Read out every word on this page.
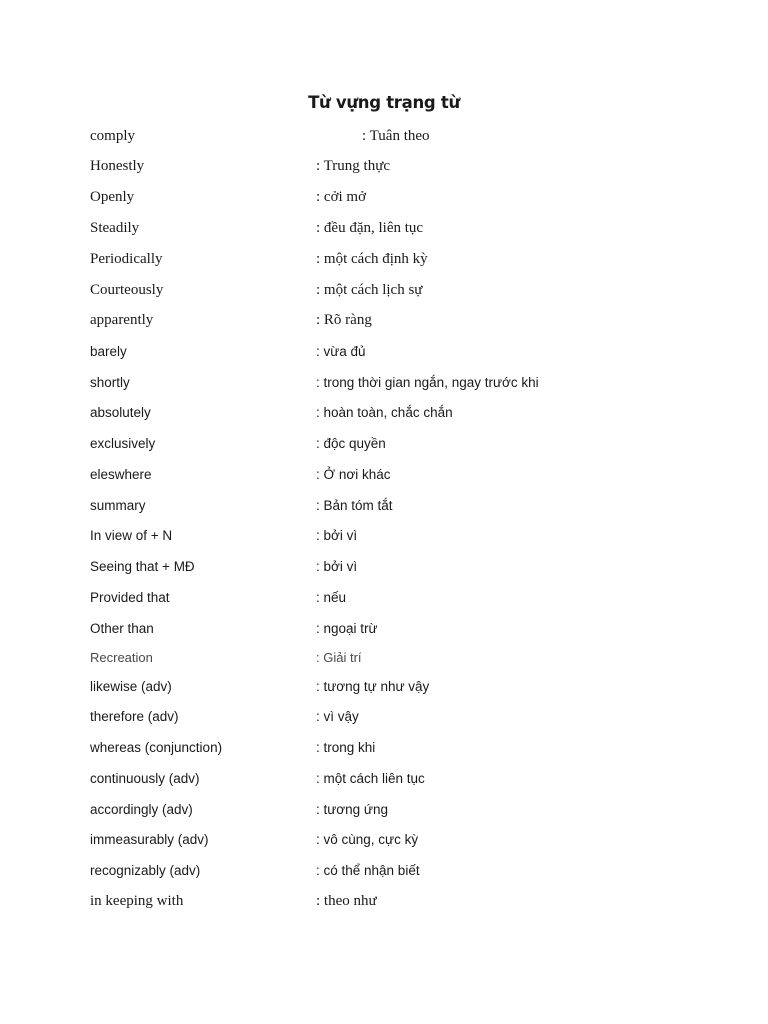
Từ vựng trạng từ
comply	: Tuân theo
Honestly	: Trung thực
Openly	: cởi mở
Steadily	: đều đặn, liên tục
Periodically	: một cách định kỳ
Courteously	: một cách lịch sự
apparently	: Rõ ràng
barely	: vừa đủ
shortly	: trong thời gian ngắn, ngay trước khi
absolutely	: hoàn toàn, chắc chắn
exclusively	: độc quyền
eleswhere	: Ở nơi khác
summary	: Bản tóm tắt
In view of + N	: bởi vì
Seeing that + MĐ	: bởi vì
Provided that	: nếu
Other than	: ngoại trừ
Recreation	: Giải trí
likewise (adv)	: tương tự như vậy
therefore (adv)	: vì vậy
whereas (conjunction)	: trong khi
continuously (adv)	: một cách liên tục
accordingly (adv)	: tương ứng
immeasurably (adv)	: vô cùng, cực kỳ
recognizably (adv)	: có thể nhận biết
in keeping with	: theo như
